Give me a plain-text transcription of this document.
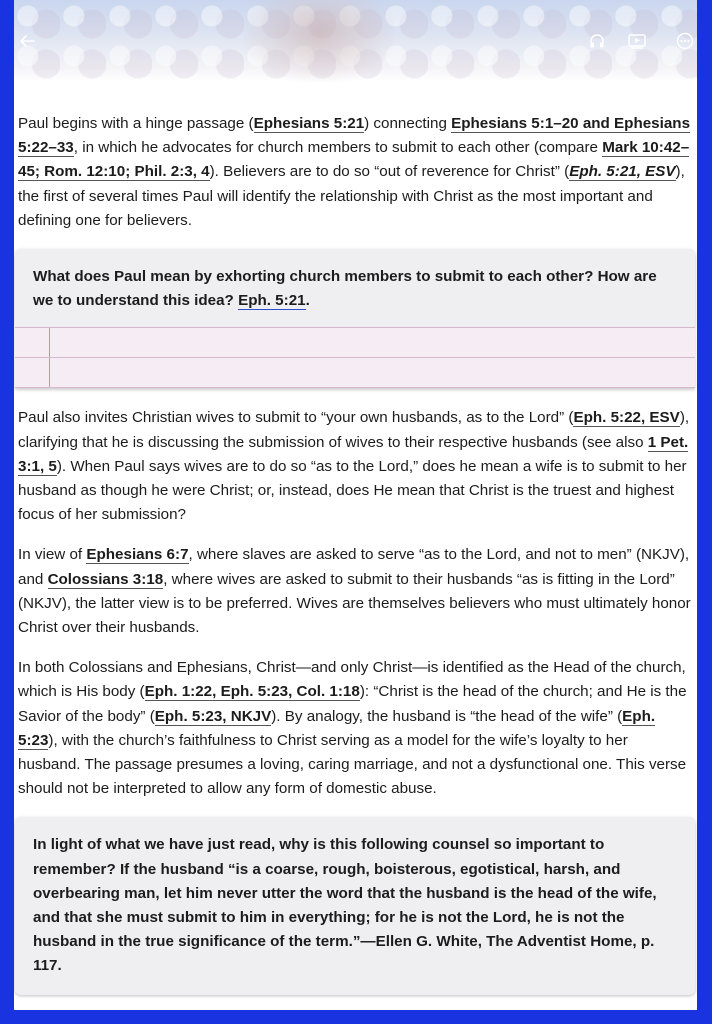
Paul begins with a hinge passage (Ephesians 5:21) connecting Ephesians 5:1–20 and Ephesians 5:22–33, in which he advocates for church members to submit to each other (compare Mark 10:42–45; Rom. 12:10; Phil. 2:3, 4). Believers are to do so “out of reverence for Christ” (Eph. 5:21, ESV), the first of several times Paul will identify the relationship with Christ as the most important and defining one for believers.

What does Paul mean by exhorting church members to submit to each other? How are we to understand this idea? Eph. 5:21.

Paul also invites Christian wives to submit to “your own husbands, as to the Lord” (Eph. 5:22, ESV), clarifying that he is discussing the submission of wives to their respective husbands (see also 1 Pet. 3:1, 5). When Paul says wives are to do so “as to the Lord,” does he mean a wife is to submit to her husband as though he were Christ; or, instead, does He mean that Christ is the truest and highest focus of her submission?

In view of Ephesians 6:7, where slaves are asked to serve “as to the Lord, and not to men” (NKJV), and Colossians 3:18, where wives are asked to submit to their husbands “as is fitting in the Lord” (NKJV), the latter view is to be preferred. Wives are themselves believers who must ultimately honor Christ over their husbands.

In both Colossians and Ephesians, Christ—and only Christ—is identified as the Head of the church, which is His body (Eph. 1:22, Eph. 5:23, Col. 1:18): “Christ is the head of the church; and He is the Savior of the body” (Eph. 5:23, NKJV). By analogy, the husband is “the head of the wife” (Eph. 5:23), with the church’s faithfulness to Christ serving as a model for the wife’s loyalty to her husband. The passage presumes a loving, caring marriage, and not a dysfunctional one. This verse should not be interpreted to allow any form of domestic abuse.

In light of what we have just read, why is this following counsel so important to remember? If the husband “is a coarse, rough, boisterous, egotistical, harsh, and overbearing man, let him never utter the word that the husband is the head of the wife, and that she must submit to him in everything; for he is not the Lord, he is not the husband in the true significance of the term.”—Ellen G. White, The Adventist Home, p. 117.
